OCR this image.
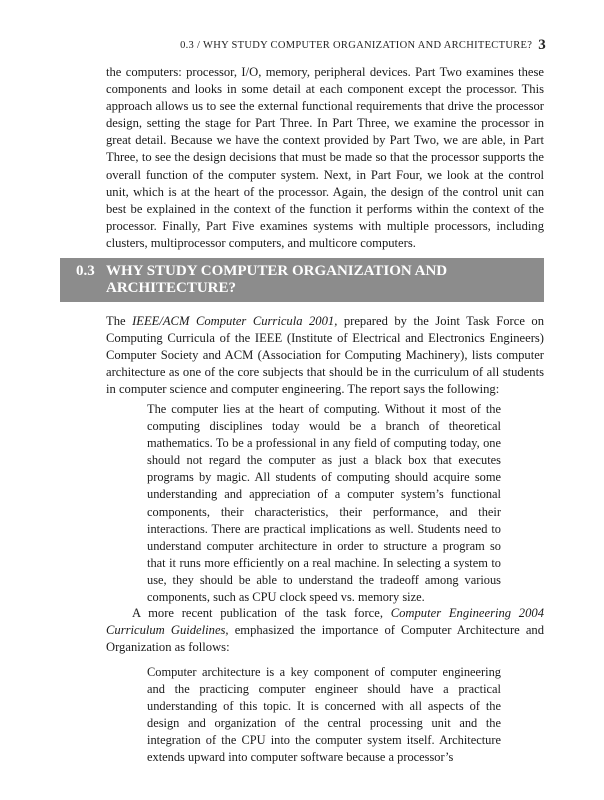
0.3 / WHY STUDY COMPUTER ORGANIZATION AND ARCHITECTURE? 3

the computers: processor, I/O, memory, peripheral devices. Part Two examines these components and looks in some detail at each component except the processor. This approach allows us to see the external functional requirements that drive the processor design, setting the stage for Part Three. In Part Three, we examine the processor in great detail. Because we have the context provided by Part Two, we are able, in Part Three, to see the design decisions that must be made so that the processor supports the overall function of the computer system. Next, in Part Four, we look at the control unit, which is at the heart of the processor. Again, the design of the control unit can best be explained in the context of the function it performs within the context of the processor. Finally, Part Five examines systems with multiple processors, including clusters, multiprocessor computers, and multicore computers.

0.3 WHY STUDY COMPUTER ORGANIZATION AND ARCHITECTURE?

The IEEE/ACM Computer Curricula 2001, prepared by the Joint Task Force on Computing Curricula of the IEEE (Institute of Electrical and Electronics Engineers) Computer Society and ACM (Association for Computing Machinery), lists computer architecture as one of the core subjects that should be in the curriculum of all students in computer science and computer engineering. The report says the following:

The computer lies at the heart of computing. Without it most of the computing disciplines today would be a branch of theoretical mathematics. To be a professional in any field of computing today, one should not regard the computer as just a black box that executes programs by magic. All students of computing should acquire some understanding and appreciation of a computer system’s functional components, their characteristics, their performance, and their interactions. There are practical implications as well. Students need to understand computer architecture in order to structure a program so that it runs more efficiently on a real machine. In selecting a system to use, they should be able to understand the tradeoff among various components, such as CPU clock speed vs. memory size.

A more recent publication of the task force, Computer Engineering 2004 Curriculum Guidelines, emphasized the importance of Computer Architecture and Organization as follows:

Computer architecture is a key component of computer engineering and the practicing computer engineer should have a practical understanding of this topic. It is concerned with all aspects of the design and organization of the central processing unit and the integration of the CPU into the computer system itself. Architecture extends upward into computer software because a processor’s
